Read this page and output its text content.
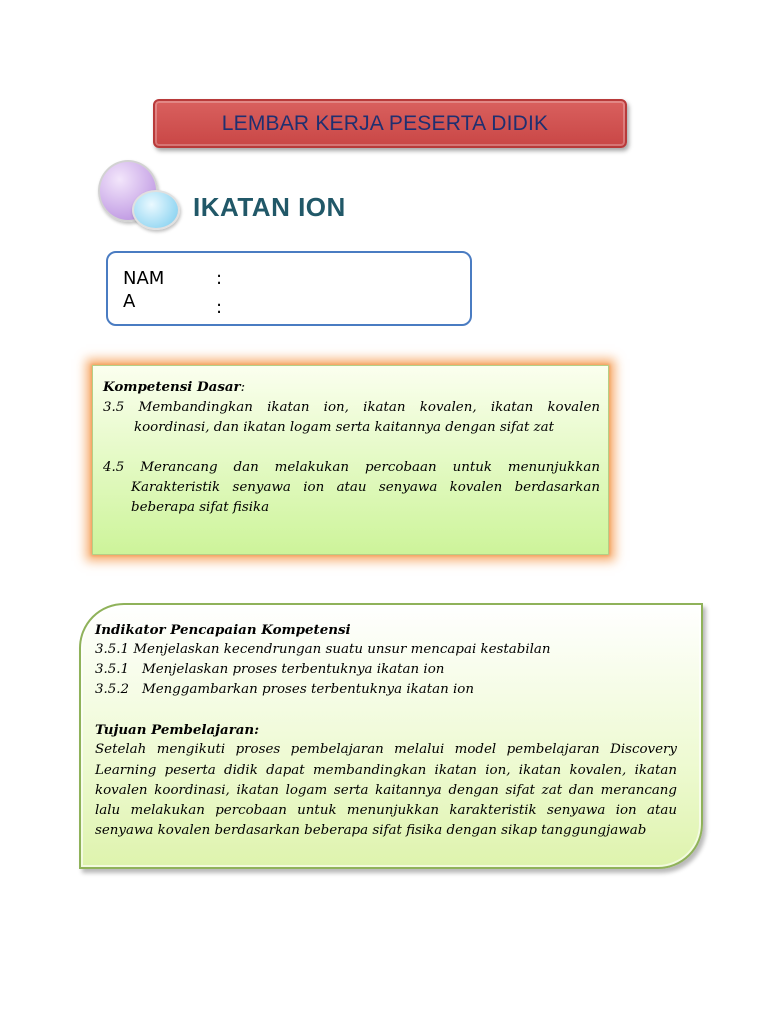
LEMBAR KERJA PESERTA DIDIK
IKATAN ION
NAMA
:
:

Kompetensi Dasar:

3.5 Membandingkan ikatan ion, ikatan kovalen, ikatan kovalen koordinasi, dan ikatan logam serta kaitannya dengan sifat zat

4.5 Merancang dan melakukan percobaan untuk menunjukkan Karakteristik senyawa ion atau senyawa kovalen berdasarkan beberapa sifat fisika

Indikator Pencapaian Kompetensi

3.5.1 Menjelaskan kecendrungan suatu unsur mencapai kestabilan

3.5.1 Menjelaskan proses terbentuknya ikatan ion
3.5.2 Menggambarkan proses terbentuknya ikatan ion

Tujuan Pembelajaran:

Setelah mengikuti proses pembelajaran melalui model pembelajaran Discovery Learning peserta didik dapat membandingkan ikatan ion, ikatan kovalen, ikatan kovalen koordinasi, ikatan logam serta kaitannya dengan sifat zat dan merancang lalu melakukan percobaan untuk menunjukkan karakteristik senyawa ion atau senyawa kovalen berdasarkan beberapa sifat fisika dengan sikap tanggungjawab
